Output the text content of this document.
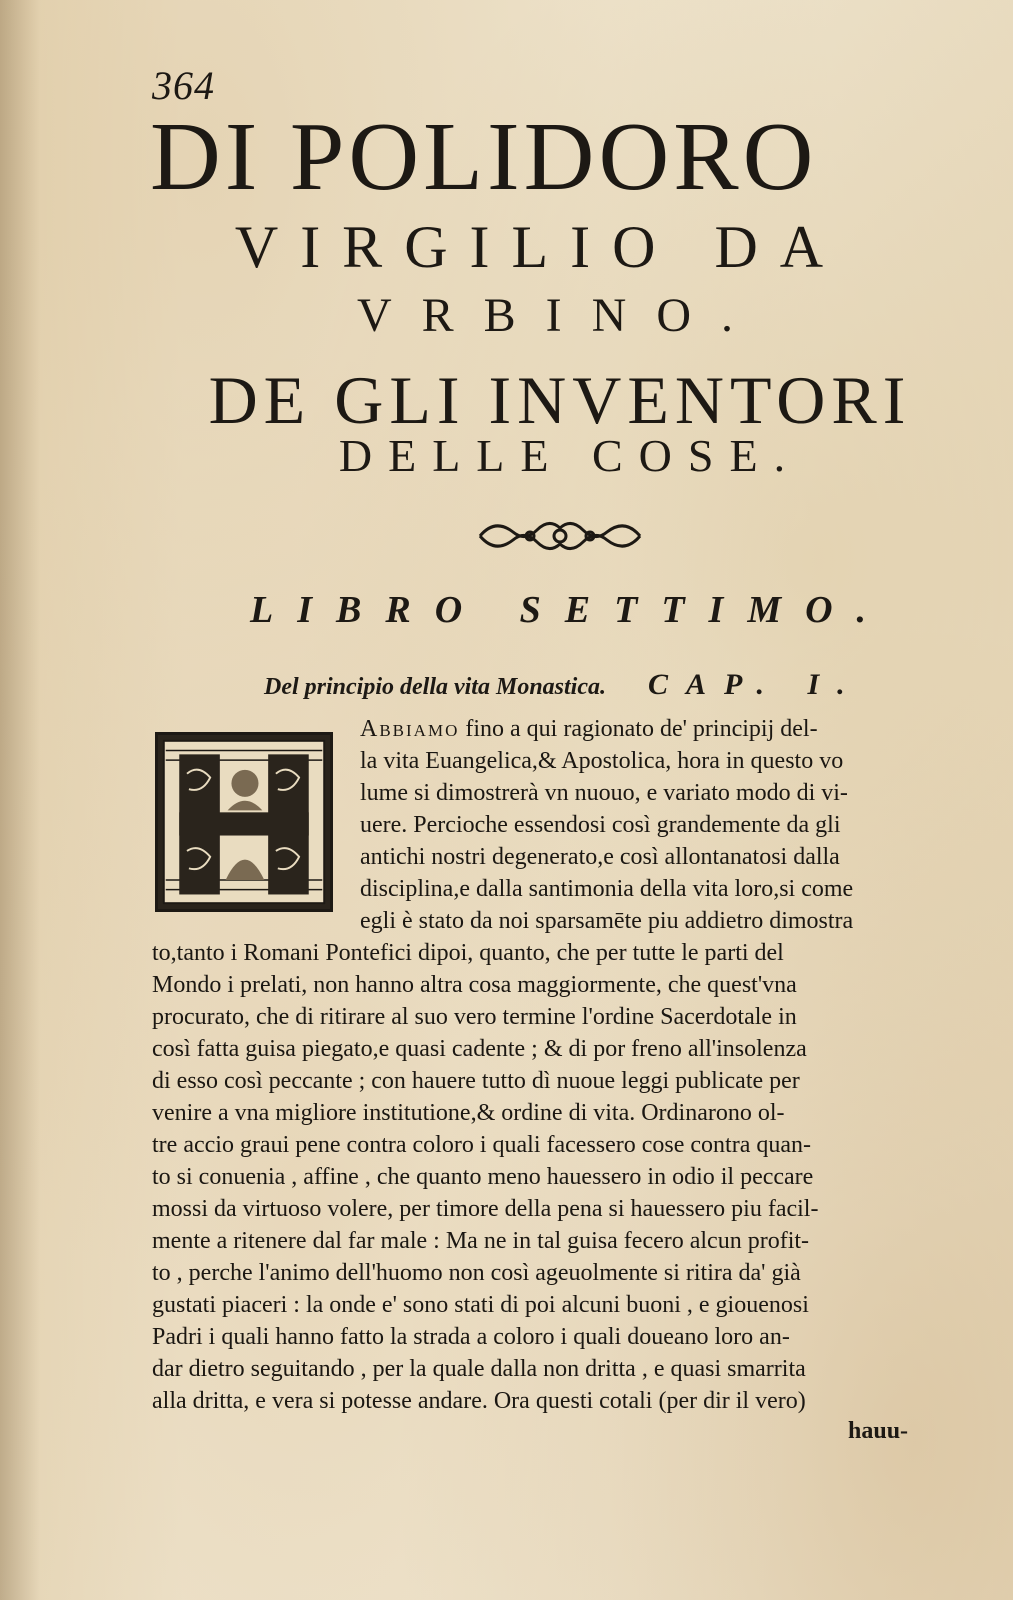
364
DI POLIDORO
VIRGILIO DA
VRBINO.
DE GLI INVENTORI
DELLE COSE.
LIBRO SETTIMO.
Del principio della vita Monastica. CAP. I.
Abbiamo fino a qui ragionato de' principij del-
la vita Euangelica,& Apostolica, hora in questo vo
lume si dimostrerà vn nuouo, e variato modo di vi-
uere. Percioche essendosi così grandemente da gli
antichi nostri degenerato,e così allontanatosi dalla
disciplina,e dalla santimonia della vita loro,si come
egli è stato da noi sparsamēte piu addietro dimostra
to,tanto i Romani Pontefici dipoi, quanto, che per tutte le parti del
Mondo i prelati, non hanno altra cosa maggiormente, che quest'vna
procurato, che di ritirare al suo vero termine l'ordine Sacerdotale in
così fatta guisa piegato,e quasi cadente ; & di por freno all'insolenza
di esso così peccante ; con hauere tutto dì nuoue leggi publicate per
venire a vna migliore institutione,& ordine di vita. Ordinarono ol-
tre accio graui pene contra coloro i quali facessero cose contra quan-
to si conuenia , affine , che quanto meno hauessero in odio il peccare
mossi da virtuoso volere, per timore della pena si hauessero piu facil-
mente a ritenere dal far male : Ma ne in tal guisa fecero alcun profit-
to , perche l'animo dell'huomo non così ageuolmente si ritira da' già
gustati piaceri : la onde e' sono stati di poi alcuni buoni , e giouenosi
Padri i quali hanno fatto la strada a coloro i quali doueano loro an-
dar dietro seguitando , per la quale dalla non dritta , e quasi smarrita
alla dritta, e vera si potesse andare. Ora questi cotali (per dir il vero)
hauu-
